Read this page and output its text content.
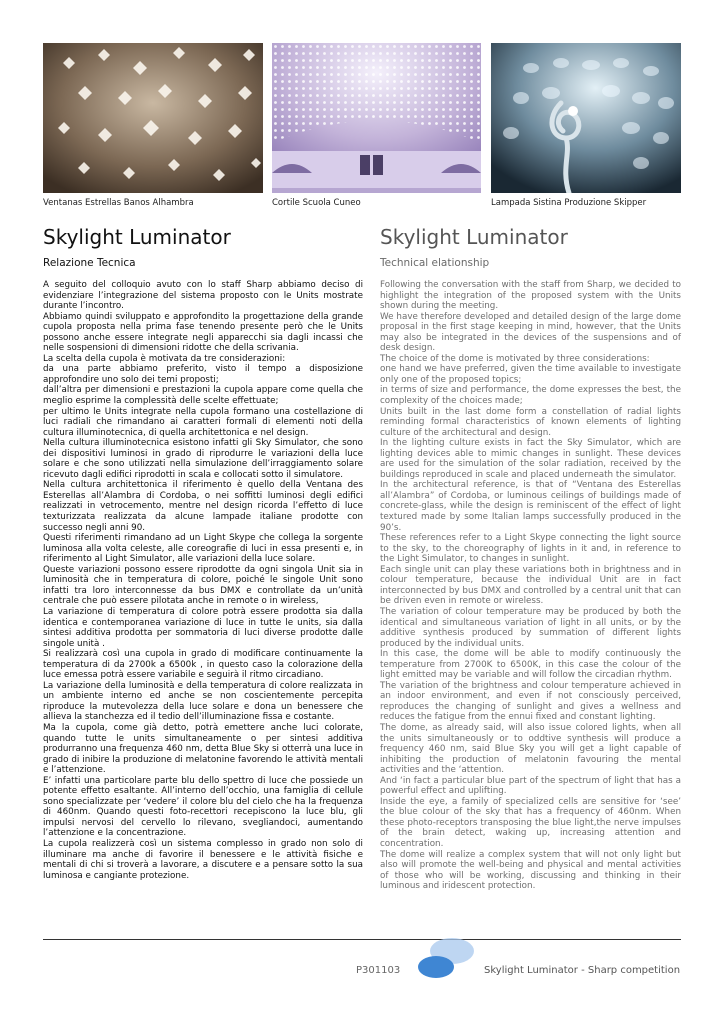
Ventanas Estrellas Banos Alhambra	Cortile Scuola Cuneo	Lampada Sistina Produzione Skipper
Skylight Luminator
Relazione Tecnica
Skylight Luminator
Technical elationship

A seguito del colloquio avuto con lo staff Sharp abbiamo deciso di evidenziare l’integrazione del sistema proposto con le Units mostrate durante l’incontro.

Abbiamo quindi sviluppato e approfondito la progettazione della grande cupola proposta nella prima fase tenendo presente però che le Units possono anche essere integrate negli apparecchi sia dagli incassi che nelle sospensioni di dimensioni ridotte che della scrivania.

La scelta della cupola è motivata da tre considerazioni:

da una parte abbiamo preferito, visto il tempo a disposizione approfondire uno solo dei temi proposti;

dall’altra per dimensioni e prestazioni la cupola appare come quella che meglio esprime la complessità delle scelte effettuate;

per ultimo le Units integrate nella cupola formano una costellazione di luci radiali che rimandano ai caratteri formali di elementi noti della cultura illuminotecnica, di quella architettonica e nel design.

Nella cultura illuminotecnica esistono infatti gli Sky Simulator, che sono dei dispositivi luminosi in grado di riprodurre le variazioni della luce solare e che sono utilizzati nella simulazione dell’irraggiamento solare ricevuto dagli edifici riprodotti in scala e collocati sotto il simulatore.

Nella cultura architettonica il riferimento è quello della Ventana des Esterellas all’Alambra di Cordoba, o nei soffitti luminosi degli edifici realizzati in vetrocemento, mentre nel design ricorda l’effetto di luce texturizzata realizzata da alcune lampade italiane prodotte con successo negli anni 90.

Questi riferimenti rimandano ad un Light Skype che collega la sorgente luminosa alla volta celeste, alle coreografie di luci in essa presenti e, in riferimento al Light Simulator, alle variazioni della luce solare.

Queste variazioni possono essere riprodotte da ogni singola Unit sia in luminosità che in temperatura di colore, poiché le singole Unit sono infatti tra loro interconnesse da bus DMX e controllate da un’unità centrale che può essere pilotata anche in remote o in wireless,

La variazione di temperatura di colore potrà essere prodotta sia dalla identica e contemporanea variazione di luce in tutte le units, sia dalla sintesi additiva prodotta per sommatoria di luci diverse prodotte dalle singole unità .

Si realizzarà così una cupola in grado di modificare continuamente la temperatura di da 2700k a 6500k , in questo caso la colorazione della luce emessa potrà essere variabile e seguirà il ritmo circadiano.

La variazione della luminosità e della temperatura di colore realizzata in un ambiente interno ed anche se non coscientemente percepita riproduce la mutevolezza della luce solare e dona un benessere che allieva la stanchezza ed il tedio dell’illuminazione fissa e costante.

Ma la cupola, come già detto, potrà emettere anche luci colorate, quando tutte le units simultaneamente o per sintesi additiva produrranno una frequenza 460 nm, detta Blue Sky si otterrà una luce in grado di inibire la produzione di melatonine favorendo le attività mentali e l’attenzione.

E’ infatti una particolare parte blu dello spettro di luce che possiede un potente effetto esaltante. All’interno dell’occhio, una famiglia di cellule sono specializzate per ‘vedere’ il colore blu del cielo che ha la frequenza di 460nm. Quando questi foto-recettori recepiscono la luce blu, gli impulsi nervosi del cervello lo rilevano, svegliandoci, aumentando l’attenzione e la concentrazione.

La cupola realizzerà così un sistema complesso in grado non solo di illuminare ma anche di favorire il benessere e le attività fisiche e mentali di chi si troverà a lavorare, a discutere e a pensare sotto la sua luminosa e cangiante protezione.

Following the conversation with the staff from Sharp, we decided to highlight the integration of the proposed system with the Units shown during the meeting.

We have therefore developed and detailed design of the large dome proposal in the first stage keeping in mind, however, that the Units may also be integrated in the devices of the suspensions and of desk design.

The choice of the dome is motivated by three considerations:

one hand we have preferred, given the time available to investigate only one of the proposed topics;

in terms of size and performance, the dome expresses the best, the complexity of the choices made;

Units built in the last dome form a constellation of radial lights reminding formal characteristics of known elements of lighting culture of the architectural and design.

In the lighting culture exists in fact the Sky Simulator, which are lighting devices able to mimic changes in sunlight. These devices are used for the simulation of the solar radiation, received by the buildings reproduced in scale and placed underneath the simulator.

In the architectural reference, is that of “Ventana des Esterellas all’Alambra” of Cordoba, or luminous ceilings of buildings made of concrete-glass, while the design is reminiscent of the effect of light textured made by some Italian lamps successfully produced in the 90’s.

These references refer to a Light Skype connecting the light source to the sky, to the choreography of lights in it and, in reference to the Light Simulator, to changes in sunlight.

Each single unit can play these variations both in brightness and in colour temperature, because the individual Unit are in fact interconnected by bus DMX and controlled by a central unit that can be driven even in remote or wireless.

The variation of colour temperature may be produced by both the identical and simultaneous variation of light in all units, or by the additive synthesis produced by summation of different lights produced by the individual units.

In this case, the dome will be able to modify continuously the temperature from 2700K to 6500K, in this case the colour of the light emitted may be variable and will follow the circadian rhythm.

The variation of the brightness and colour temperature achieved in an indoor environment, and even if not consciously perceived, reproduces the changing of sunlight and gives a wellness and reduces the fatigue from the ennui fixed and constant lighting.

The dome, as already said, will also issue colored lights, when all the units simultaneously or to oddtive synthesis will produce a frequency 460 nm, said Blue Sky you will get a light capable of inhibiting the production of melatonin favouring the mental activities and the ‘attention.

And ‘in fact a particular blue part of the spectrum of light that has a powerful effect and uplifting.

Inside the eye, a family of specialized cells are sensitive for ‘see’ the blue colour of the sky that has a frequency of 460nm. When these photo-receptors transposing the blue light,the nerve impulses of the brain detect, waking up, increasing attention and concentration.

The dome will realize a complex system that will not only light but also will promote the well-being and physical and mental activities of those who will be working, discussing and thinking in their luminous and iridescent protection.

P301103	Skylight Luminator - Sharp competition
